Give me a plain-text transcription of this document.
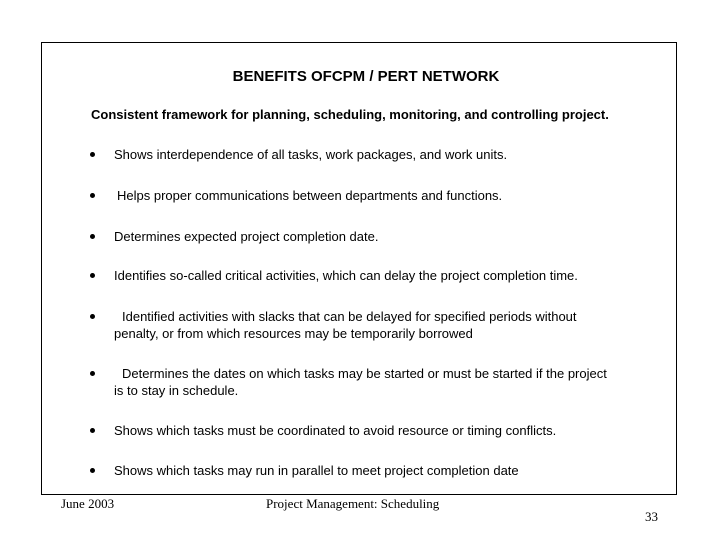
BENEFITS OFCPM / PERT NETWORK
Consistent framework for planning, scheduling, monitoring, and controlling project.
Shows interdependence of all tasks, work packages, and work units.
Helps proper communications between departments and functions.
Determines expected project completion date.
Identifies so-called critical activities, which can delay the project completion time.
Identified activities with slacks that can be delayed for specified periods without
penalty, or from which resources may be temporarily borrowed
Determines the dates on which tasks may be started or must be started if the project
is to stay in schedule.
Shows which tasks must be coordinated to avoid resource or timing conflicts.
Shows which tasks may run in parallel to meet project completion date
June 2003	Project Management: Scheduling
33
